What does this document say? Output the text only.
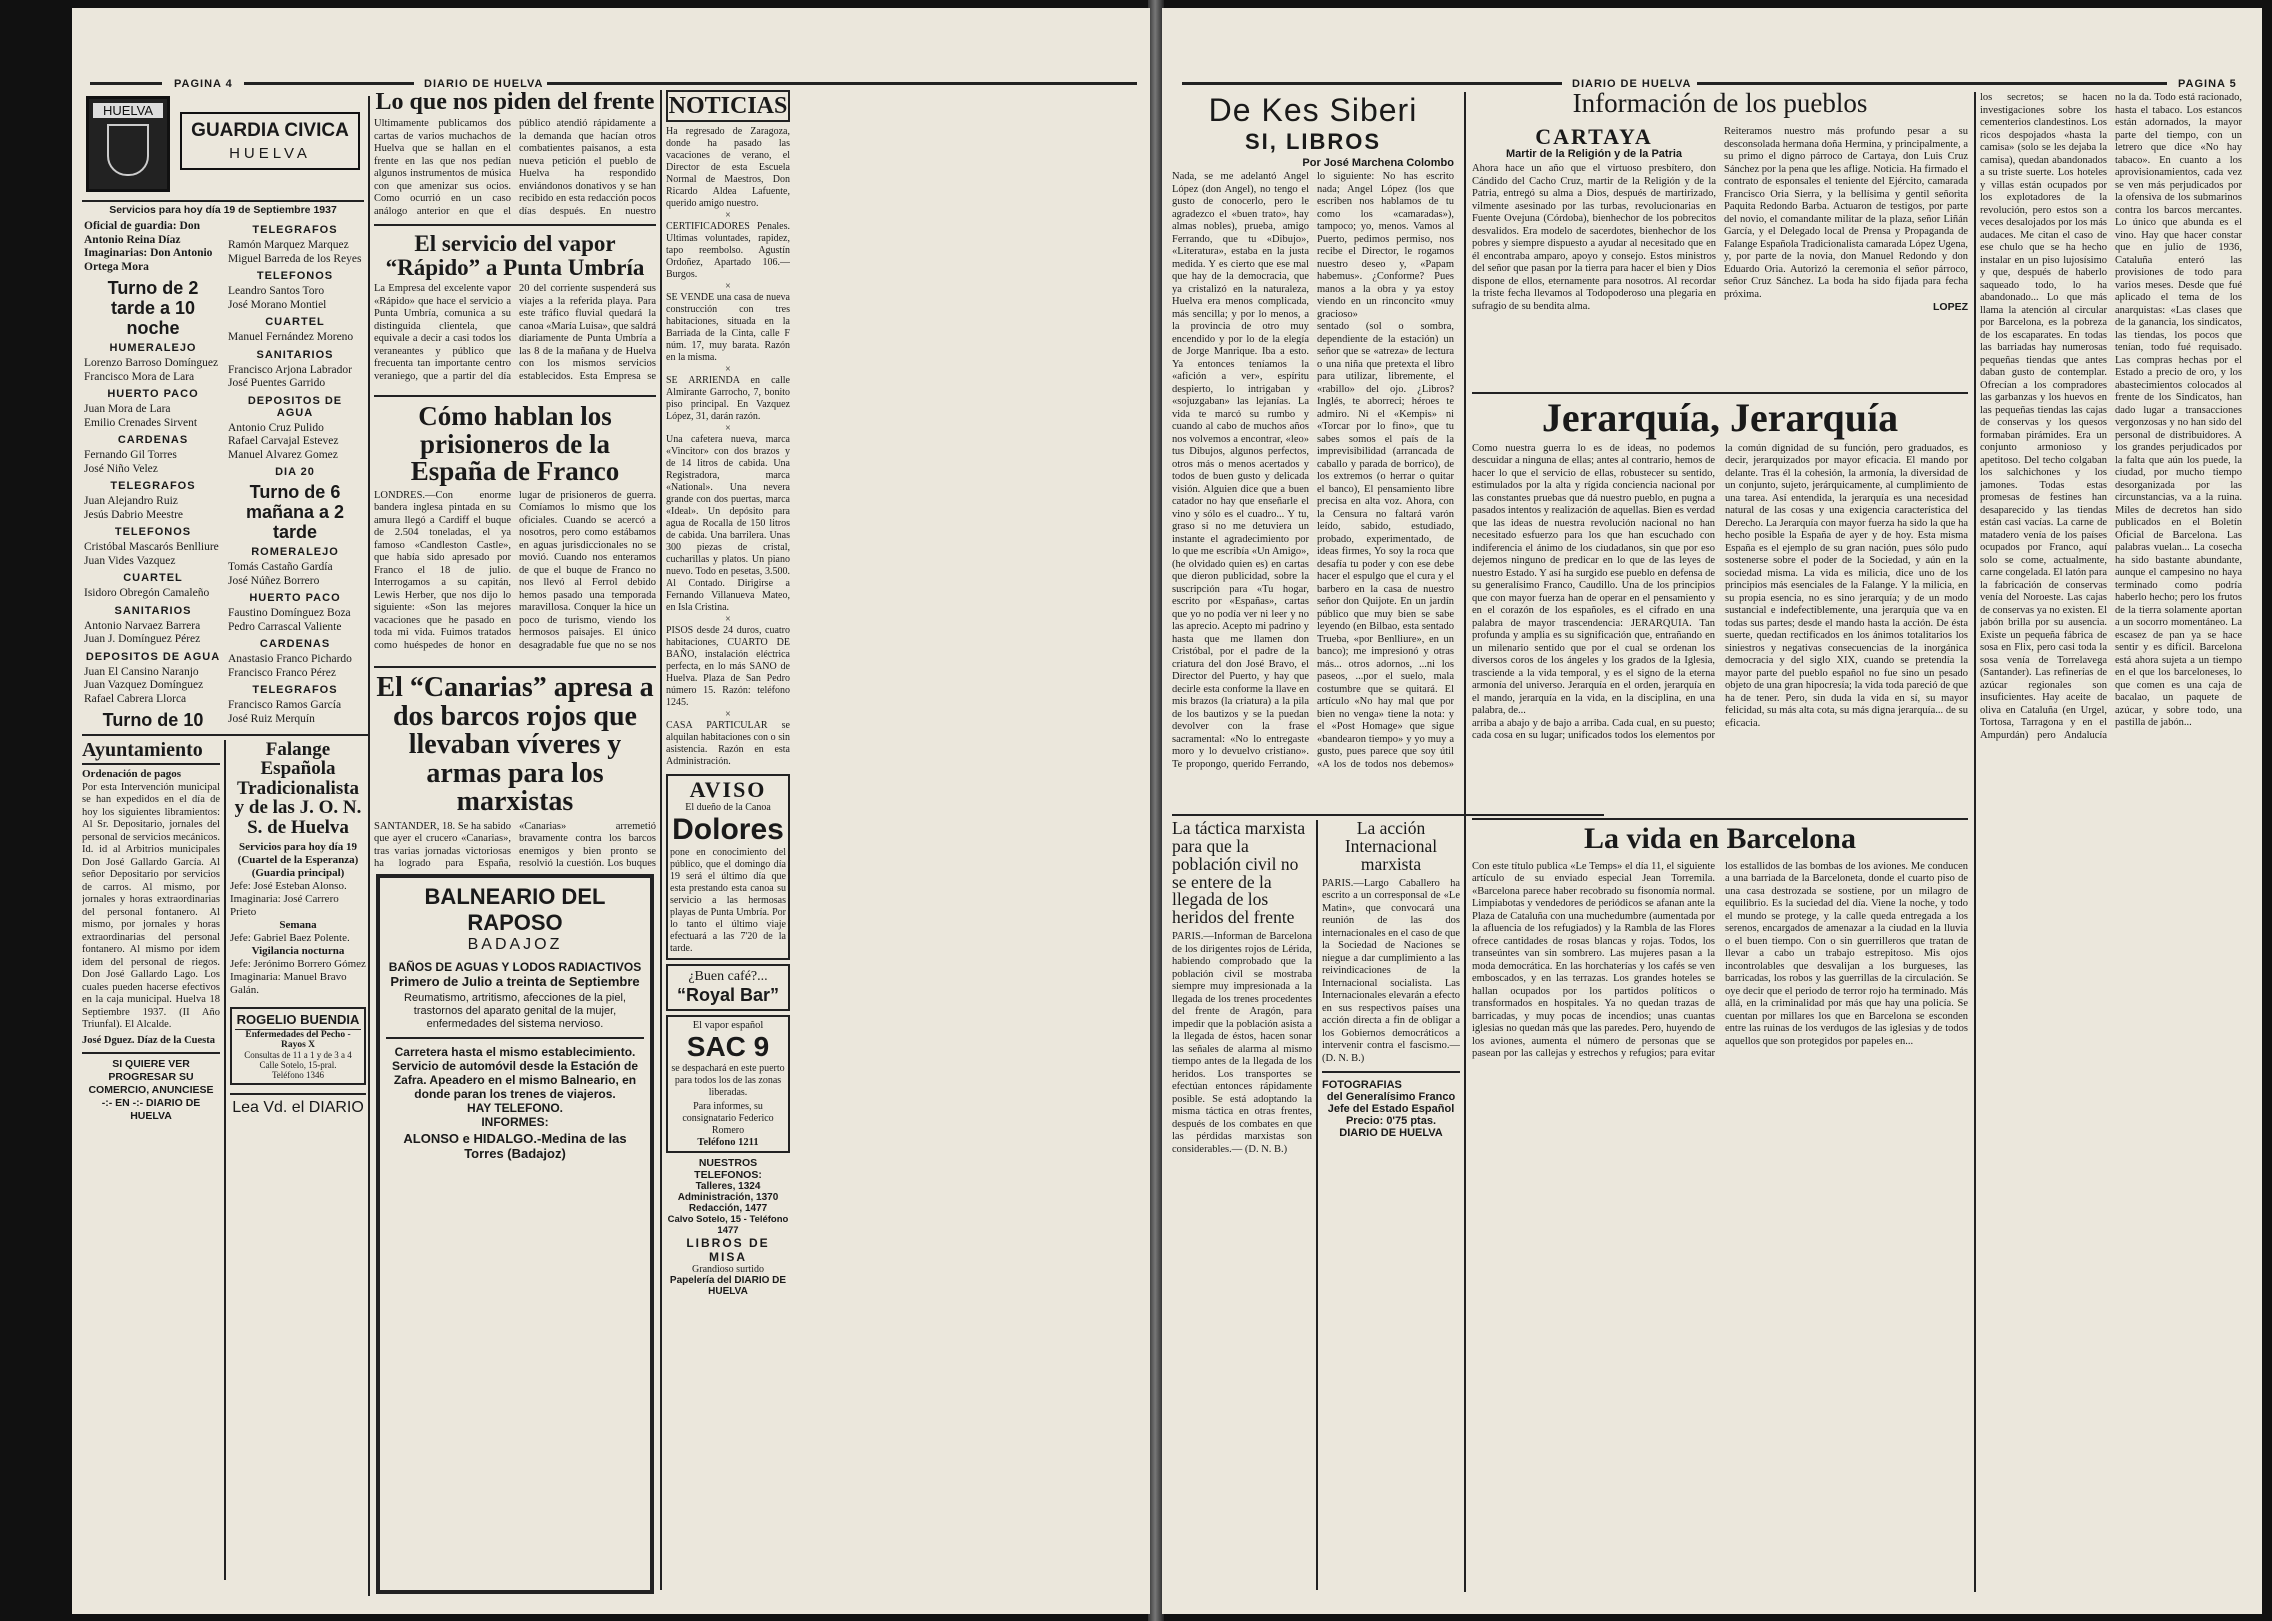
PAGINA 4	DIARIO DE HUELVA
HUELVA
GUARDIA CIVICA
HUELVA
Servicios para hoy día 19 de Septiembre 1937
Oficial de guardia: Don Antonio Reina Díaz
Imaginarias: Don Antonio Ortega Mora
Turno de 2 tarde a 10 noche
HUMERALEJO
Lorenzo Barroso Domínguez
Francisco Mora de Lara
HUERTO PACO
Juan Mora de Lara
Emilio Crenades Sirvent
CARDENAS
Fernando Gil Torres
José Niño Velez
TELEGRAFOS
Juan Alejandro Ruiz
Jesús Dabrio Meestre
TELEFONOS
Cristóbal Mascarós Benlliure
Juan Vides Vazquez
CUARTEL
Isidoro Obregón Camaleño
SANITARIOS
Antonio Narvaez Barrera
Juan J. Domínguez Pérez
DEPOSITOS DE AGUA
Juan El Cansino Naranjo
Juan Vazquez Domínguez
Rafael Cabrera Llorca
Turno de 10
TELEGRAFOS
Ramón Marquez Marquez
Miguel Barreda de los Reyes
TELEFONOS
Leandro Santos Toro
José Morano Montiel
CUARTEL
Manuel Fernández Moreno
SANITARIOS
Francisco Arjona Labrador
José Puentes Garrido
DEPOSITOS DE AGUA
Antonio Cruz Pulido
Rafael Carvajal Estevez
Manuel Alvarez Gomez
DIA 20
Turno de 6 mañana a 2 tarde
ROMERALEJO
Tomás Castaño Gardía
José Núñez Borrero
HUERTO PACO
Faustino Domínguez Boza
Pedro Carrascal Valiente
CARDENAS
Anastasio Franco Pichardo
Francisco Franco Pérez
TELEGRAFOS
Francisco Ramos García
José Ruiz Merquín
Ayuntamiento
Ordenación de pagos
Por esta Intervención municipal se han expedidos en el día de hoy los siguientes libramientos: Al Sr. Depositario, jornales del personal de servicios mecánicos. Id. id al Arbitrios municipales Don José Gallardo García. Al señor Depositario por servicios de carros. Al mismo, por jornales y horas extraordinarias del personal fontanero. Al mismo, por jornales y horas extraordinarias del personal fontanero. Al mismo por idem idem del personal de riegos. Don José Gallardo Lago. Los cuales pueden hacerse efectivos en la caja municipal. Huelva 18 Septiembre 1937. (II Año Triunfal). El Alcalde.
José Dguez. Díaz de la Cuesta
SI QUIERE VER PROGRESAR SU COMERCIO, ANUNCIESE -:- EN -:- DIARIO DE HUELVA
Falange Española Tradicionalista y de las J. O. N. S. de Huelva
Servicios para hoy día 19
(Cuartel de la Esperanza)
(Guardia principal)
Jefe: José Esteban Alonso.
Imaginaria: José Carrero Prieto
Semana
Jefe: Gabriel Baez Polente.
Vigilancia nocturna
Jefe: Jerónimo Borrero Gómez
Imaginaria: Manuel Bravo Galán.
ROGELIO BUENDIA
Enfermedades del Pecho - Rayos X
Consultas de 11 a 1 y de 3 a 4
Calle Sotelo, 15-pral.
Teléfono 1346
Lea Vd. el DIARIO
Lo que nos piden del frente
Ultimamente publicamos dos cartas de varios muchachos de Huelva que se hallan en el frente en las que nos pedían algunos instrumentos de música con que amenizar sus ocios. Como ocurrió en un caso análogo anterior en que el público atendió rápidamente a la demanda que hacían otros combatientes paisanos, a esta nueva petición el pueblo de Huelva ha respondido enviándonos donativos y se han recibido en esta redacción pocos días después. En nuestro
El servicio del vapor “Rápido” a Punta Umbría
La Empresa del excelente vapor «Rápido» que hace el servicio a Punta Umbría, comunica a su distinguida clientela, que equivale a decir a casi todos los veraneantes y público que frecuenta tan importante centro veraniego, que a partir del día 20 del corriente suspenderá sus viajes a la referida playa. Para este tráfico fluvial quedará la canoa «María Luisa», que saldrá diariamente de Punta Umbría a las 8 de la mañana y de Huelva con los mismos servicios establecidos. Esta Empresa se
Cómo hablan los prisioneros de la España de Franco
LONDRES.—Con enorme bandera inglesa pintada en su amura llegó a Cardiff el buque de 2.504 toneladas, el ya famoso «Candleston Castle», que había sido apresado por Franco el 18 de julio. Interrogamos a su capitán, Lewis Herber, que nos dijo lo siguiente: «Son las mejores vacaciones que he pasado en toda mi vida. Fuimos tratados como huéspedes de honor en lugar de prisioneros de guerra. Comíamos lo mismo que los oficiales. Cuando se acercó a nosotros, pero como estábamos en aguas jurisdiccionales no se movió. Cuando nos enteramos de que el buque de Franco no nos llevó al Ferrol debido hemos pasado una temporada maravillosa. Conquer la hice un poco de turismo, viendo los hermosos paisajes. El único desagradable fue que no se nos
El “Canarias” apresa a dos barcos rojos que llevaban víveres y armas para los marxistas
SANTANDER, 18. Se ha sabido que ayer el crucero «Canarias», tras varias jornadas victoriosas ha logrado para España, «Canarias» arremetió bravamente contra los barcos enemigos y bien pronto se resolvió la cuestión. Los buques
BALNEARIO DEL RAPOSO
BADAJOZ
BAÑOS DE AGUAS Y LODOS RADIACTIVOS
Primero de Julio a treinta de Septiembre
Reumatismo, artritismo, afecciones de la piel, trastornos del aparato genital de la mujer, enfermedades del sistema nervioso.
Carretera hasta el mismo establecimiento. Servicio de automóvil desde la Estación de Zafra. Apeadero en el mismo Balneario, en donde paran los trenes de viajeros.
HAY TELEFONO.
INFORMES:
ALONSO e HIDALGO.-Medina de las Torres (Badajoz)
NOTICIAS
Ha regresado de Zaragoza, donde ha pasado las vacaciones de verano, el Director de esta Escuela Normal de Maestros, Don Ricardo Aldea Lafuente, querido amigo nuestro.
×
CERTIFICADORES Penales. Ultimas voluntades, rapidez, tapo reembolso. Agustín Ordoñez, Apartado 106.—Burgos.
×
SE VENDE una casa de nueva construcción con tres habitaciones, situada en la Barriada de la Cinta, calle F núm. 17, muy barata. Razón en la misma.
×
SE ARRIENDA en calle Almirante Garrocho, 7, bonito piso principal. En Vazquez López, 31, darán razón.
×
Una cafetera nueva, marca «Vincitor» con dos brazos y de 14 litros de cabida. Una Registradora, marca «National». Una nevera grande con dos puertas, marca «Ideal». Un depósito para agua de Rocalla de 150 litros de cabida. Una barrilera. Unas 300 piezas de cristal, cucharillas y platos. Un piano nuevo. Todo en pesetas, 3.500. Al Contado. Dirigirse a Fernando Villanueva Mateo, en Isla Cristina.
×
PISOS desde 24 duros, cuatro habitaciones, CUARTO DE BAÑO, instalación eléctrica perfecta, en lo más SANO de Huelva. Plaza de San Pedro número 15. Razón: teléfono 1245.
×
CASA PARTICULAR se alquilan habitaciones con o sin asistencia. Razón en esta Administración.
AVISO
El dueño de la Canoa
Dolores
pone en conocimiento del público, que el domingo día 19 será el último día que esta prestando esta canoa su servicio a las hermosas playas de Punta Umbría. Por lo tanto el último viaje efectuará a las 7'20 de la tarde.
¿Buen café?...
“Royal Bar”
El vapor español
SAC 9
se despachará en este puerto para todos los de las zonas liberadas.
Para informes, su consignatario Federico Romero
Teléfono 1211
NUESTROS TELEFONOS:
Talleres, 1324
Administración, 1370
Redacción, 1477
Calvo Sotelo, 15 - Teléfono 1477
LIBROS DE MISA
Grandioso surtido
Papelería del DIARIO DE HUELVA
DIARIO DE HUELVA	PAGINA 5
De Kes Siberi
SI, LIBROS
Por José Marchena Colombo
Nada, se me adelantó Angel López (don Angel), no tengo el gusto de conocerlo, pero le agradezco el «buen trato», hay almas nobles), prueba, amigo Ferrando, que tu «Dibujo», «Literatura», estaba en la justa medida. Y es cierto que ese mal que hay de la democracia, que ya cristalizó en la naturaleza, Huelva era menos complicada, más sencilla; y por lo menos, a la provincia de otro muy encendido y por lo de la elegía de Jorge Manrique. Iba a esto. Ya entonces teníamos la «afición a ver», espíritu despierto, lo intrigaban y «sojuzgaban» las lejanías. La vida te marcó su rumbo y cuando al cabo de muchos años nos volvemos a encontrar, «leo» tus Dibujos, algunos perfectos, otros más o menos acertados y todos de buen gusto y delicada visión. Alguien dice que a buen catador no hay que enseñarle el vino y sólo es el cuadro... Y tu, graso si no me detuviera un instante el agradecimiento por lo que me escribía «Un Amigo», (he olvidado quien es) en cartas que dieron publicidad, sobre la suscripción para «Tu hogar, escrito por «Españas», cartas que yo no podía ver ni leer y no las aprecio. Acepto mi padrino y hasta que me llamen don Cristóbal, por el padre de la criatura del don José Bravo, el Director del Puerto, y hay que decirle esta conforme la llave en mis brazos (la criatura) a la pila de los bautizos y se la puedan devolver con la frase sacramental: «No lo entregaste moro y lo devuelvo cristiano». Te propongo, querido Ferrando, lo siguiente: No has escrito nada; Angel López (los que escriben nos hablamos de tu como los «camaradas»), tampoco; yo, menos. Vamos al Puerto, pedimos permiso, nos recibe el Director, le rogamos nuestro deseo y, «Papam habemus». ¿Conforme? Pues manos a la obra y ya estoy viendo en un rinconcito «muy gracioso»
sentado (sol o sombra, dependiente de la estación) un señor que se «atreza» de lectura o una niña que pretexta el libro para utilizar, libremente, el «rabillo» del ojo. ¿Libros? Inglés, te aborreci; héroes te admiro. Ni el «Kempis» ni «Torcar por lo fino», que tu sabes somos el país de la imprevisibilidad (arrancada de caballo y parada de borrico), de los extremos (o herrar o quitar el banco), El pensamiento libre precisa en alta voz. Ahora, con la Censura no faltará varón leído, sabido, estudiado, probado, experimentado, de ideas firmes, Yo soy la roca que desafía tu poder y con ese debe hacer el espulgo que el cura y el barbero en la casa de nuestro señor don Quijote. En un jardín público que muy bien se sabe leyendo (en Bilbao, esta sentado Trueba, «por Benlliure», en un banco); me impresionó y otras más... otros adornos, ...ni los paseos, ...por el suelo, mala costumbre que se quitará. El artículo «No hay mal que por bien no venga» tiene la nota: y el «Post Homage» que sigue «bandearon tiempo» y yo muy a gusto, pues parece que soy útil «A los de todos nos debemos»
La táctica marxista para que la población civil no se entere de la llegada de los heridos del frente
PARIS.—Informan de Barcelona de los dirigentes rojos de Lérida, habiendo comprobado que la población civil se mostraba siempre muy impresionada a la llegada de los trenes procedentes del frente de Aragón, para impedir que la población asista a la llegada de éstos, hacen sonar las señales de alarma al mismo tiempo antes de la llegada de los heridos. Los transportes se efectúan entonces rápidamente posible. Se está adoptando la misma táctica en otras frentes, después de los combates en que las pérdidas marxistas son considerables.— (D. N. B.)
La acción Internacional marxista
PARIS.—Largo Caballero ha escrito a un corresponsal de «Le Matin», que convocará una reunión de las dos internacionales en el caso de que la Sociedad de Naciones se niegue a dar cumplimiento a las reivindicaciones de la Internacional socialista. Las Internacionales elevarán a efecto en sus respectivos países una acción directa a fin de obligar a los Gobiernos democráticos a intervenir contra el fascismo.— (D. N. B.)
FOTOGRAFIAS
del Generalísimo Franco
Jefe del Estado Español
Precio: 0'75 ptas.
DIARIO DE HUELVA
Información de los pueblos
CARTAYA
Martir de la Religión y de la Patria
Ahora hace un año que el virtuoso presbítero, don Cándido del Cacho Cruz, martir de la Religión y de la Patria, entregó su alma a Dios, después de martirizado, vilmente asesinado por las turbas, revolucionarias en Fuente Ovejuna (Córdoba), bienhechor de los pobrecitos desvalidos. Era modelo de sacerdotes, bienhechor de los pobres y siempre dispuesto a ayudar al necesitado que en él encontraba amparo, apoyo y consejo. Estos ministros del señor que pasan por la tierra para hacer el bien y Dios dispone de ellos, eternamente para nosotros. Al recordar la triste fecha llevamos al Todopoderoso una plegaria en sufragio de su bendita alma.
Reiteramos nuestro más profundo pesar a su desconsolada hermana doña Hermina, y principalmente, a su primo el digno párroco de Cartaya, don Luis Cruz Sánchez por la pena que les aflige. Noticia. Ha firmado el contrato de esponsales el teniente del Ejército, camarada Francisco Oria Sierra, y la bellísima y gentil señorita Paquita Redondo Barba. Actuaron de testigos, por parte del novio, el comandante militar de la plaza, señor Liñán García, y el Delegado local de Prensa y Propaganda de Falange Española Tradicionalista camarada López Ugena, y, por parte de la novia, don Manuel Redondo y don Eduardo Oria. Autorizó la ceremonia el señor párroco, señor Cruz Sánchez. La boda ha sido fijada para fecha próxima.
LOPEZ
Jerarquía, Jerarquía
Como nuestra guerra lo es de ideas, no podemos descuidar a ninguna de ellas; antes al contrario, hemos de hacer lo que el servicio de ellas, robustecer su sentido, estimulados por la alta y rígida conciencia nacional por las constantes pruebas que dá nuestro pueblo, en pugna a pasados intentos y realización de aquellas. Bien es verdad que las ideas de nuestra revolución nacional no han necesitado esfuerzo para los que han escuchado con indiferencia el ánimo de los ciudadanos, sin que por eso dejemos ninguno de predicar en lo que de las leyes de nuestro Estado. Y así ha surgido ese pueblo en defensa de su generalísimo Franco, Caudillo. Una de los principios que con mayor fuerza han de operar en el pensamiento y en el corazón de los españoles, es el cifrado en una palabra de mayor trascendencia: JERARQUIA. Tan profunda y amplia es su significación que, entrañando en un milenario sentido que por el cual se ordenan los diversos coros de los ángeles y los grados de la Iglesia, trasciende a la vida temporal, y es el signo de la eterna armonía del universo. Jerarquía en el orden, jerarquía en el mando, jerarquía en la vida, en la disciplina, en una palabra, de...
arriba a abajo y de bajo a arriba. Cada cual, en su puesto; cada cosa en su lugar; unificados todos los elementos por la común dignidad de su función, pero graduados, es decir, jerarquizados por mayor eficacia. El mando por delante. Tras él la cohesión, la armonía, la diversidad de un conjunto, sujeto, jerárquicamente, al cumplimiento de una tarea. Así entendida, la jerarquía es una necesidad natural de las cosas y una exigencia característica del Derecho. La Jerarquía con mayor fuerza ha sido la que ha hecho posible la España de ayer y de hoy. Esta misma España es el ejemplo de su gran nación, pues sólo pudo sostenerse sobre el poder de la Sociedad, y aún en la sociedad misma. La vida es milicia, dice uno de los principios más esenciales de la Falange. Y la milicia, en su propia esencia, no es sino jerarquía; y de un modo sustancial e indefectiblemente, una jerarquía que va en todas sus partes; desde el mando hasta la acción. De ésta suerte, quedan rectificados en los ánimos totalitarios los siniestros y negativas consecuencias de la inorgánica democracia y del siglo XIX, cuando se pretendía la mayor parte del pueblo español no fue sino un pesado objeto de una gran hipocresía; la vida toda pareció de que ha de tener. Pero, sin duda la vida en sí, su mayor felicidad, su más alta cota, su más digna jerarquía... de su eficacia.
La vida en Barcelona
Con este título publica «Le Temps» el día 11, el siguiente artículo de su enviado especial Jean Torremila. «Barcelona parece haber recobrado su fisonomía normal. Limpiabotas y vendedores de periódicos se afanan ante la Plaza de Cataluña con una muchedumbre (aumentada por la afluencia de los refugiados) y la Rambla de las Flores ofrece cantidades de rosas blancas y rojas. Todos, los transeúntes van sin sombrero. Las mujeres pasan a la moda democrática. En las horchaterías y los cafés se ven emboscados, y en las terrazas. Los grandes hoteles se hallan ocupados por los partidos políticos o transformados en hospitales. Ya no quedan trazas de barricadas, y muy pocas de incendios; unas cuantas iglesias no quedan más que las paredes. Pero, huyendo de los aviones, aumenta el número de personas que se pasean por las callejas y estrechos y refugios; para evitar los estallidos de las bombas de los aviones. Me conducen a una barriada de la Barceloneta, donde el cuarto piso de una casa destrozada se sostiene, por un milagro de equilibrio. Es la suciedad del día. Viene la noche, y todo el mundo se protege, y la calle queda entregada a los serenos, encargados de amenazar a la ciudad en la lluvia o el buen tiempo. Con o sin guerrilleros que tratan de llevar a cabo un trabajo estrepitoso. Mis ojos incontrolables que desvalijan a los burgueses, las barricadas, los robos y las guerrillas de la circulación. Se oye decir que el periodo de terror rojo ha terminado. Más allá, en la criminalidad por más que hay una policía. Se cuentan por millares los que en Barcelona se esconden entre las ruinas de los verdugos de las iglesias y de todos aquellos que son protegidos por papeles en...
los secretos; se hacen investigaciones sobre los cementerios clandestinos. Los ricos despojados «hasta la camisa» (solo se les dejaba la camisa), quedan abandonados a su triste suerte. Los hoteles y villas están ocupados por los explotadores de la revolución, pero estos son a veces desalojados por los más audaces. Me citan el caso de ese chulo que se ha hecho instalar en un piso lujosísimo y que, después de haberlo saqueado todo, lo ha abandonado... Lo que más llama la atención al circular por Barcelona, es la pobreza de los escaparates. En todas las barriadas hay numerosas pequeñas tiendas que antes daban gusto de contemplar. Ofrecían a los compradores las garbanzas y los huevos en las pequeñas tiendas las cajas de conservas y los quesos formaban pirámides. Era un conjunto armonioso y apetitoso. Del techo colgaban los salchichones y los jamones. Todas estas promesas de festines han desaparecido y las tiendas están casi vacías. La carne de matadero venía de los países ocupados por Franco, aquí solo se come, actualmente, carne congelada. El latón para la fabricación de conservas venía del Noroeste. Las cajas de conservas ya no existen. El jabón brilla por su ausencia. Existe un pequeña fábrica de sosa en Flix, pero casi toda la sosa venía de Torrelavega (Santander). Las refinerías de azúcar regionales son insuficientes. Hay aceite de oliva en Cataluña (en Urgel, Tortosa, Tarragona y en el Ampurdán) pero Andalucía no la da. Todo está racionado, hasta el tabaco. Los estancos están adornados, la mayor parte del tiempo, con un letrero que dice «No hay tabaco». En cuanto a los aprovisionamientos, cada vez se ven más perjudicados por la ofensiva de los submarinos contra los barcos mercantes. Lo único que abunda es el vino. Hay que hacer constar que en julio de 1936, Cataluña enteró las provisiones de todo para varios meses. Desde que fué aplicado el tema de los anarquistas: «Las clases que de la ganancia, los sindicatos, las tiendas, los pocos que tenían, todo fué requisado. Las compras hechas por el Estado a precio de oro, y los abastecimientos colocados al frente de los Sindicatos, han dado lugar a transacciones vergonzosas y no han sido del personal de distribuidores. A los grandes perjudicados por la falta que aún los puede, la ciudad, por mucho tiempo desorganizada por las circunstancias, va a la ruina. Miles de decretos han sido publicados en el Boletín Oficial de Barcelona. Las palabras vuelan... La cosecha ha sido bastante abundante, aunque el campesino no haya terminado como podría haberlo hecho; pero los frutos de la tierra solamente aportan a un socorro momentáneo. La escasez de pan ya se hace sentir y es difícil. Barcelona está ahora sujeta a un tiempo en el que los barceloneses, lo que comen es una caja de bacalao, un paquete de azúcar, y sobre todo, una pastilla de jabón...
